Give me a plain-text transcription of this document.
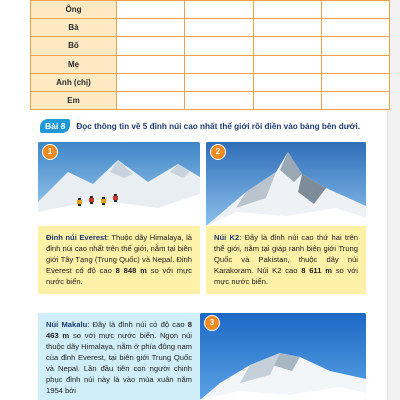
Ông				
Bà				
Bố				
Mẹ				
Anh (chị)				
Em				
Bài 8	Đọc thông tin về 5 đỉnh núi cao nhất thế giới rồi điền vào bảng bên dưới.
1
Đỉnh núi Everest: Thuộc dãy Himalaya, là đỉnh núi cao nhất trên thế giới, nằm tại biên giới Tây Tạng (Trung Quốc) và Nepal. Đỉnh Everest có độ cao 8 848 m so với mực nước biển.
2
Núi K2: Đây là đỉnh núi cao thứ hai trên thế giới, nằm tại giáp ranh biên giới Trung Quốc và Pakistan, thuộc dãy núi Karakoram. Núi K2 cao 8 611 m so với mực nước biển.
Núi Makalu: Đây là đỉnh núi có độ cao 8 463 m so với mực nước biển. Ngọn núi thuộc dãy Himalaya, nằm ở phía đông nam của đỉnh Everest, tại biên giới Trung Quốc và Nepal. Lần đầu tiên con người chinh phục đỉnh núi này là vào mùa xuân năm 1954 bởi
3
